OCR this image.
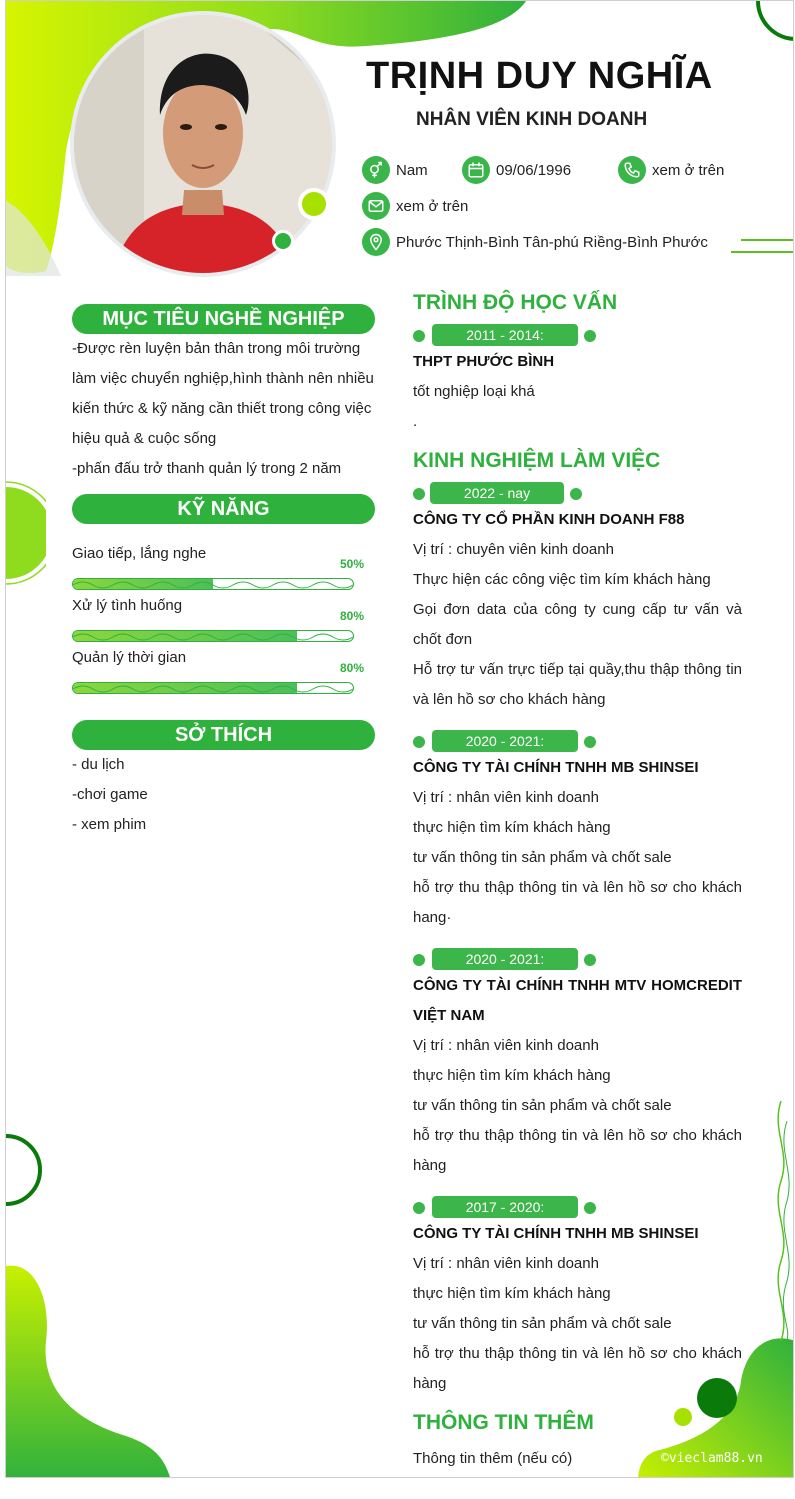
TRỊNH DUY NGHĨA
NHÂN VIÊN KINH DOANH
Nam	09/06/1996	xem ở trên
xem ở trên
Phước Thịnh-Bình Tân-phú Riềng-Bình Phước
MỤC TIÊU NGHỀ NGHIỆP
-Được rèn luyện bản thân trong môi trường làm việc chuyển nghiệp,hình thành nên nhiều kiến thức & kỹ năng cần thiết trong công việc hiệu quả & cuộc sống
-phấn đấu trở thanh quản lý trong 2 năm
KỸ NĂNG
Giao tiếp, lắng nghe
50%
Xử lý tình huống
80%
Quản lý thời gian
80%
SỞ THÍCH
- du lịch
-chơi game
- xem phim
TRÌNH ĐỘ HỌC VẤN
2011 - 2014:
THPT PHƯỚC BÌNH
tốt nghiệp loại khá
.
KINH NGHIỆM LÀM VIỆC
2022 - nay
CÔNG TY CỔ PHẦN KINH DOANH F88
Vị trí : chuyên viên kinh doanh
Thực hiện các công việc tìm kím khách hàng
Gọi đơn data của công ty cung cấp tư vấn và chốt đơn
Hỗ trợ tư vấn trực tiếp tại quầy,thu thập thông tin và lên hồ sơ cho khách hàng
2020 - 2021:
CÔNG TY TÀI CHÍNH TNHH MB SHINSEI
Vị trí : nhân viên kinh doanh
thực hiện tìm kím khách hàng
tư vấn thông tin sản phẩm và chốt sale
hỗ trợ thu thập thông tin và lên hồ sơ cho khách hang·
2020 - 2021:
CÔNG TY TÀI CHÍNH TNHH MTV HOMCREDIT VIỆT NAM
Vị trí : nhân viên kinh doanh
thực hiện tìm kím khách hàng
tư vấn thông tin sản phẩm và chốt sale
hỗ trợ thu thập thông tin và lên hồ sơ cho khách hàng
2017 - 2020:
CÔNG TY TÀI CHÍNH TNHH MB SHINSEI
Vị trí : nhân viên kinh doanh
thực hiện tìm kím khách hàng
tư vấn thông tin sản phẩm và chốt sale
hỗ trợ thu thập thông tin và lên hồ sơ cho khách hàng
THÔNG TIN THÊM
Thông tin thêm (nếu có)	©vieclam88.vn
